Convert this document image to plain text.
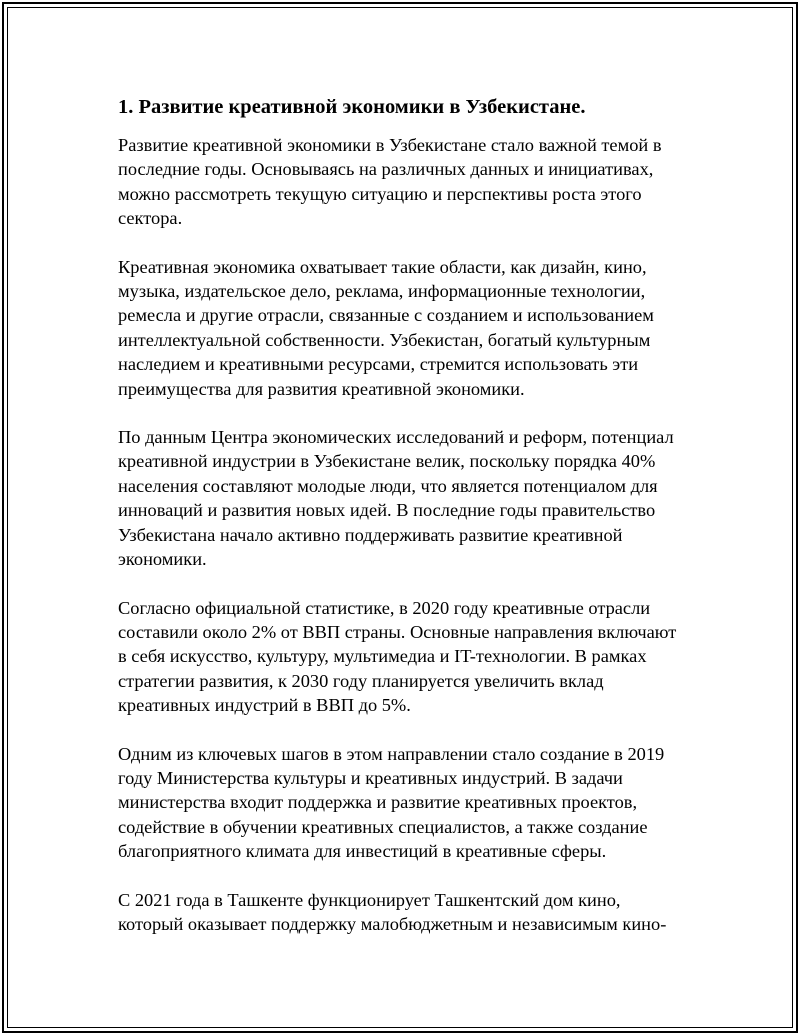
1. Развитие креативной экономики в Узбекистане.

Развитие креативной экономики в Узбекистане стало важной темой в
последние годы. Основываясь на различных данных и инициативах,
можно рассмотреть текущую ситуацию и перспективы роста этого
сектора.

Креативная экономика охватывает такие области, как дизайн, кино,
музыка, издательское дело, реклама, информационные технологии,
ремесла и другие отрасли, связанные с созданием и использованием
интеллектуальной собственности. Узбекистан, богатый культурным
наследием и креативными ресурсами, стремится использовать эти
преимущества для развития креативной экономики.

По данным Центра экономических исследований и реформ, потенциал
креативной индустрии в Узбекистане велик, поскольку порядка 40%
населения составляют молодые люди, что является потенциалом для
инноваций и развития новых идей. В последние годы правительство
Узбекистана начало активно поддерживать развитие креативной
экономики.

Согласно официальной статистике, в 2020 году креативные отрасли
составили около 2% от ВВП страны. Основные направления включают
в себя искусство, культуру, мультимедиа и IT-технологии. В рамках
стратегии развития, к 2030 году планируется увеличить вклад
креативных индустрий в ВВП до 5%.

Одним из ключевых шагов в этом направлении стало создание в 2019
году Министерства культуры и креативных индустрий. В задачи
министерства входит поддержка и развитие креативных проектов,
содействие в обучении креативных специалистов, а также создание
благоприятного климата для инвестиций в креативные сферы.

С 2021 года в Ташкенте функционирует Ташкентский дом кино,
который оказывает поддержку малобюджетным и независимым кино-
